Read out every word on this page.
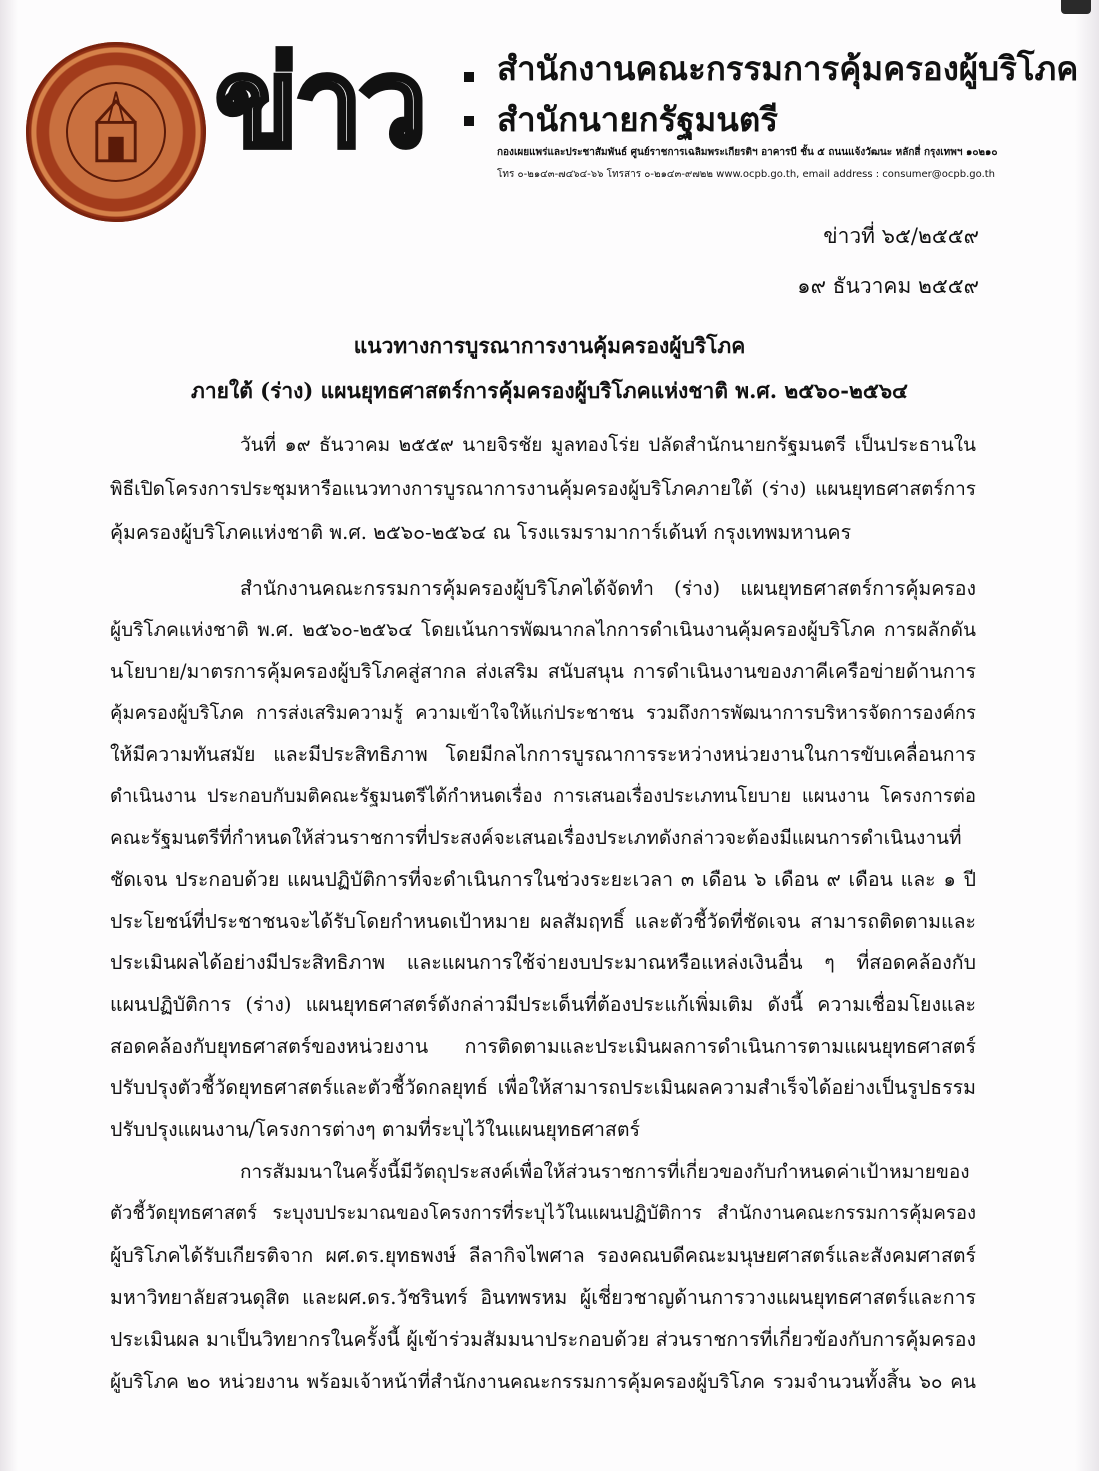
ข่าว	สำนักงานคณะกรรมการคุ้มครองผู้บริโภค
สำนักนายกรัฐมนตรี
กองเผยแพร่และประชาสัมพันธ์ ศูนย์ราชการเฉลิมพระเกียรติฯ อาคารบี ชั้น ๕ ถนนแจ้งวัฒนะ หลักสี่ กรุงเทพฯ ๑๐๒๑๐
โทร ๐-๒๑๔๓-๗๔๖๔-๖๖ โทรสาร ๐-๒๑๔๓-๙๗๒๒ www.ocpb.go.th, email address : consumer@ocpb.go.th
ข่าวที่ ๖๕/๒๕๕๙
๑๙ ธันวาคม ๒๕๕๙
แนวทางการบูรณาการงานคุ้มครองผู้บริโภค
ภายใต้ (ร่าง) แผนยุทธศาสตร์การคุ้มครองผู้บริโภคแห่งชาติ พ.ศ. ๒๕๖๐-๒๕๖๔
วันที่ ๑๙ ธันวาคม ๒๕๕๙ นายจิรชัย มูลทองโร่ย ปลัดสำนักนายกรัฐมนตรี เป็นประธานใน
พิธีเปิดโครงการประชุมหารือแนวทางการบูรณาการงานคุ้มครองผู้บริโภคภายใต้ (ร่าง) แผนยุทธศาสตร์การ
คุ้มครองผู้บริโภคแห่งชาติ พ.ศ. ๒๕๖๐-๒๕๖๔ ณ โรงแรมรามาการ์เด้นท์ กรุงเทพมหานคร
สำนักงานคณะกรรมการคุ้มครองผู้บริโภคได้จัดทำ (ร่าง) แผนยุทธศาสตร์การคุ้มครอง
ผู้บริโภคแห่งชาติ พ.ศ. ๒๕๖๐-๒๕๖๔ โดยเน้นการพัฒนากลไกการดำเนินงานคุ้มครองผู้บริโภค การผลักดัน
นโยบาย/มาตรการคุ้มครองผู้บริโภคสู่สากล ส่งเสริม สนับสนุน การดำเนินงานของภาคีเครือข่ายด้านการ
คุ้มครองผู้บริโภค การส่งเสริมความรู้ ความเข้าใจให้แก่ประชาชน รวมถึงการพัฒนาการบริหารจัดการองค์กร
ให้มีความทันสมัย และมีประสิทธิภาพ โดยมีกลไกการบูรณาการระหว่างหน่วยงานในการขับเคลื่อนการ
ดำเนินงาน ประกอบกับมติคณะรัฐมนตรีได้กำหนดเรื่อง การเสนอเรื่องประเภทนโยบาย แผนงาน โครงการต่อ
คณะรัฐมนตรีที่กำหนดให้ส่วนราชการที่ประสงค์จะเสนอเรื่องประเภทดังกล่าวจะต้องมีแผนการดำเนินงานที่
ชัดเจน ประกอบด้วย แผนปฏิบัติการที่จะดำเนินการในช่วงระยะเวลา ๓ เดือน ๖ เดือน ๙ เดือน และ ๑ ปี
ประโยชน์ที่ประชาชนจะได้รับโดยกำหนดเป้าหมาย ผลสัมฤทธิ์ และตัวชี้วัดที่ชัดเจน สามารถติดตามและ
ประเมินผลได้อย่างมีประสิทธิภาพ และแผนการใช้จ่ายงบประมาณหรือแหล่งเงินอื่น ๆ ที่สอดคล้องกับ
แผนปฏิบัติการ (ร่าง) แผนยุทธศาสตร์ดังกล่าวมีประเด็นที่ต้องประแก้เพิ่มเติม ดังนี้ ความเชื่อมโยงและ
สอดคล้องกับยุทธศาสตร์ของหน่วยงาน การติดตามและประเมินผลการดำเนินการตามแผนยุทธศาสตร์
ปรับปรุงตัวชี้วัดยุทธศาสตร์และตัวชี้วัดกลยุทธ์ เพื่อให้สามารถประเมินผลความสำเร็จได้อย่างเป็นรูปธรรม
ปรับปรุงแผนงาน/โครงการต่างๆ ตามที่ระบุไว้ในแผนยุทธศาสตร์
การสัมมนาในครั้งนี้มีวัตถุประสงค์เพื่อให้ส่วนราชการที่เกี่ยวของกับกำหนดค่าเป้าหมายของ
ตัวชี้วัดยุทธศาสตร์ ระบุงบประมาณของโครงการที่ระบุไว้ในแผนปฏิบัติการ สำนักงานคณะกรรมการคุ้มครอง
ผู้บริโภคได้รับเกียรติจาก ผศ.ดร.ยุทธพงษ์ ลีลากิจไพศาล รองคณบดีคณะมนุษยศาสตร์และสังคมศาสตร์
มหาวิทยาลัยสวนดุสิต และผศ.ดร.วัชรินทร์ อินทพรหม ผู้เชี่ยวชาญด้านการวางแผนยุทธศาสตร์และการ
ประเมินผล มาเป็นวิทยากรในครั้งนี้ ผู้เข้าร่วมสัมมนาประกอบด้วย ส่วนราชการที่เกี่ยวข้องกับการคุ้มครอง
ผู้บริโภค ๒๐ หน่วยงาน พร้อมเจ้าหน้าที่สำนักงานคณะกรรมการคุ้มครองผู้บริโภค รวมจำนวนทั้งสิ้น ๖๐ คน
